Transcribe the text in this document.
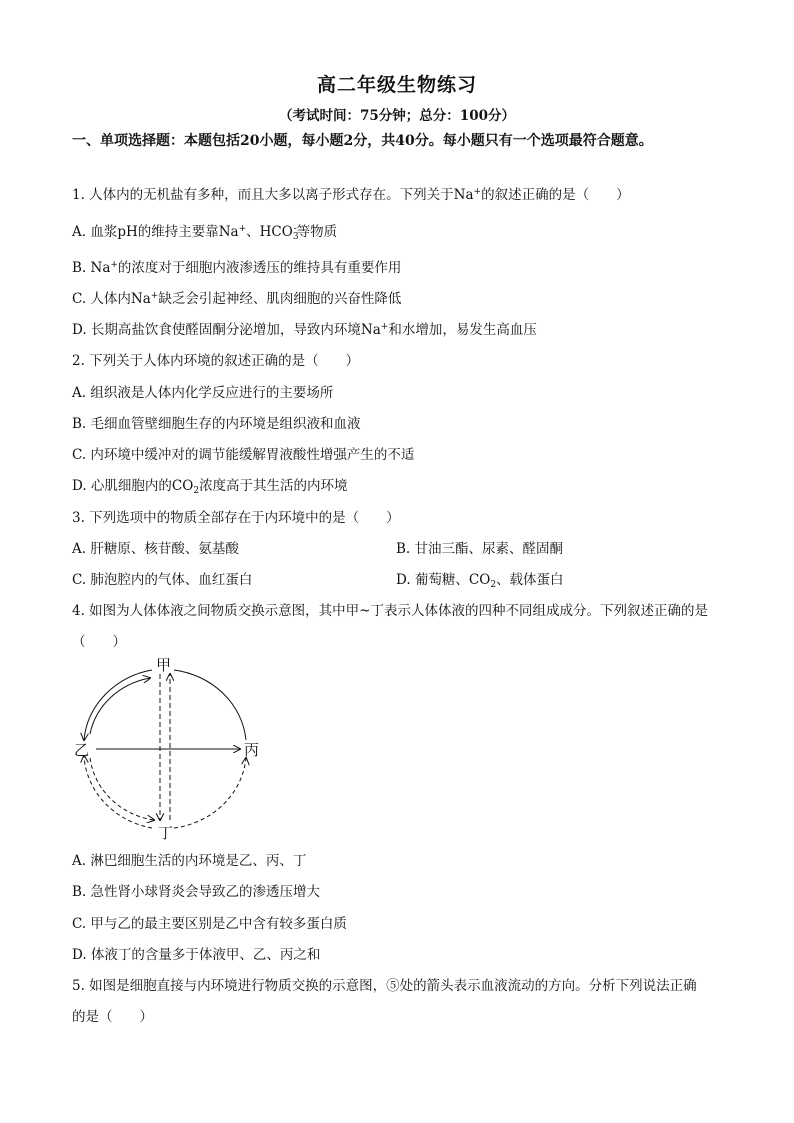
高二年级生物练习
（考试时间：75分钟；总分：100分）
一、单项选择题：本题包括20小题，每小题2分，共40分。每小题只有一个选项最符合题意。
1. 人体内的无机盐有多种，而且大多以离子形式存在。下列关于Na+的叙述正确的是（　　）
A. 血浆pH的维持主要靠Na+、$HCO_3^-$等物质
B. Na+的浓度对于细胞内液渗透压的维持具有重要作用
C. 人体内Na+缺乏会引起神经、肌肉细胞的兴奋性降低
D. 长期高盐饮食使醛固酮分泌增加，导致内环境Na+和水增加，易发生高血压
2. 下列关于人体内环境的叙述正确的是（　　）
A. 组织液是人体内化学反应进行的主要场所
B. 毛细血管壁细胞生存的内环境是组织液和血液
C. 内环境中缓冲对的调节能缓解胃液酸性增强产生的不适
D. 心肌细胞内的$CO_2$浓度高于其生活的内环境
3. 下列选项中的物质全部存在于内环境中的是（　　）
A. 肝糖原、核苷酸、氨基酸	B. 甘油三酯、尿素、醛固酮
C. 肺泡腔内的气体、血红蛋白	D. 葡萄糖、$CO_2$、载体蛋白
4. 如图为人体体液之间物质交换示意图，其中甲~丁表示人体体液的四种不同组成成分。下列叙述正确的是
（　　）
甲
乙	丙
丁
A. 淋巴细胞生活的内环境是乙、丙、丁
B. 急性肾小球肾炎会导致乙的渗透压增大
C. 甲与乙的最主要区别是乙中含有较多蛋白质
D. 体液丁的含量多于体液甲、乙、丙之和
5. 如图是细胞直接与内环境进行物质交换的示意图，⑤处的箭头表示血液流动的方向。分析下列说法正确
的是（　　）
